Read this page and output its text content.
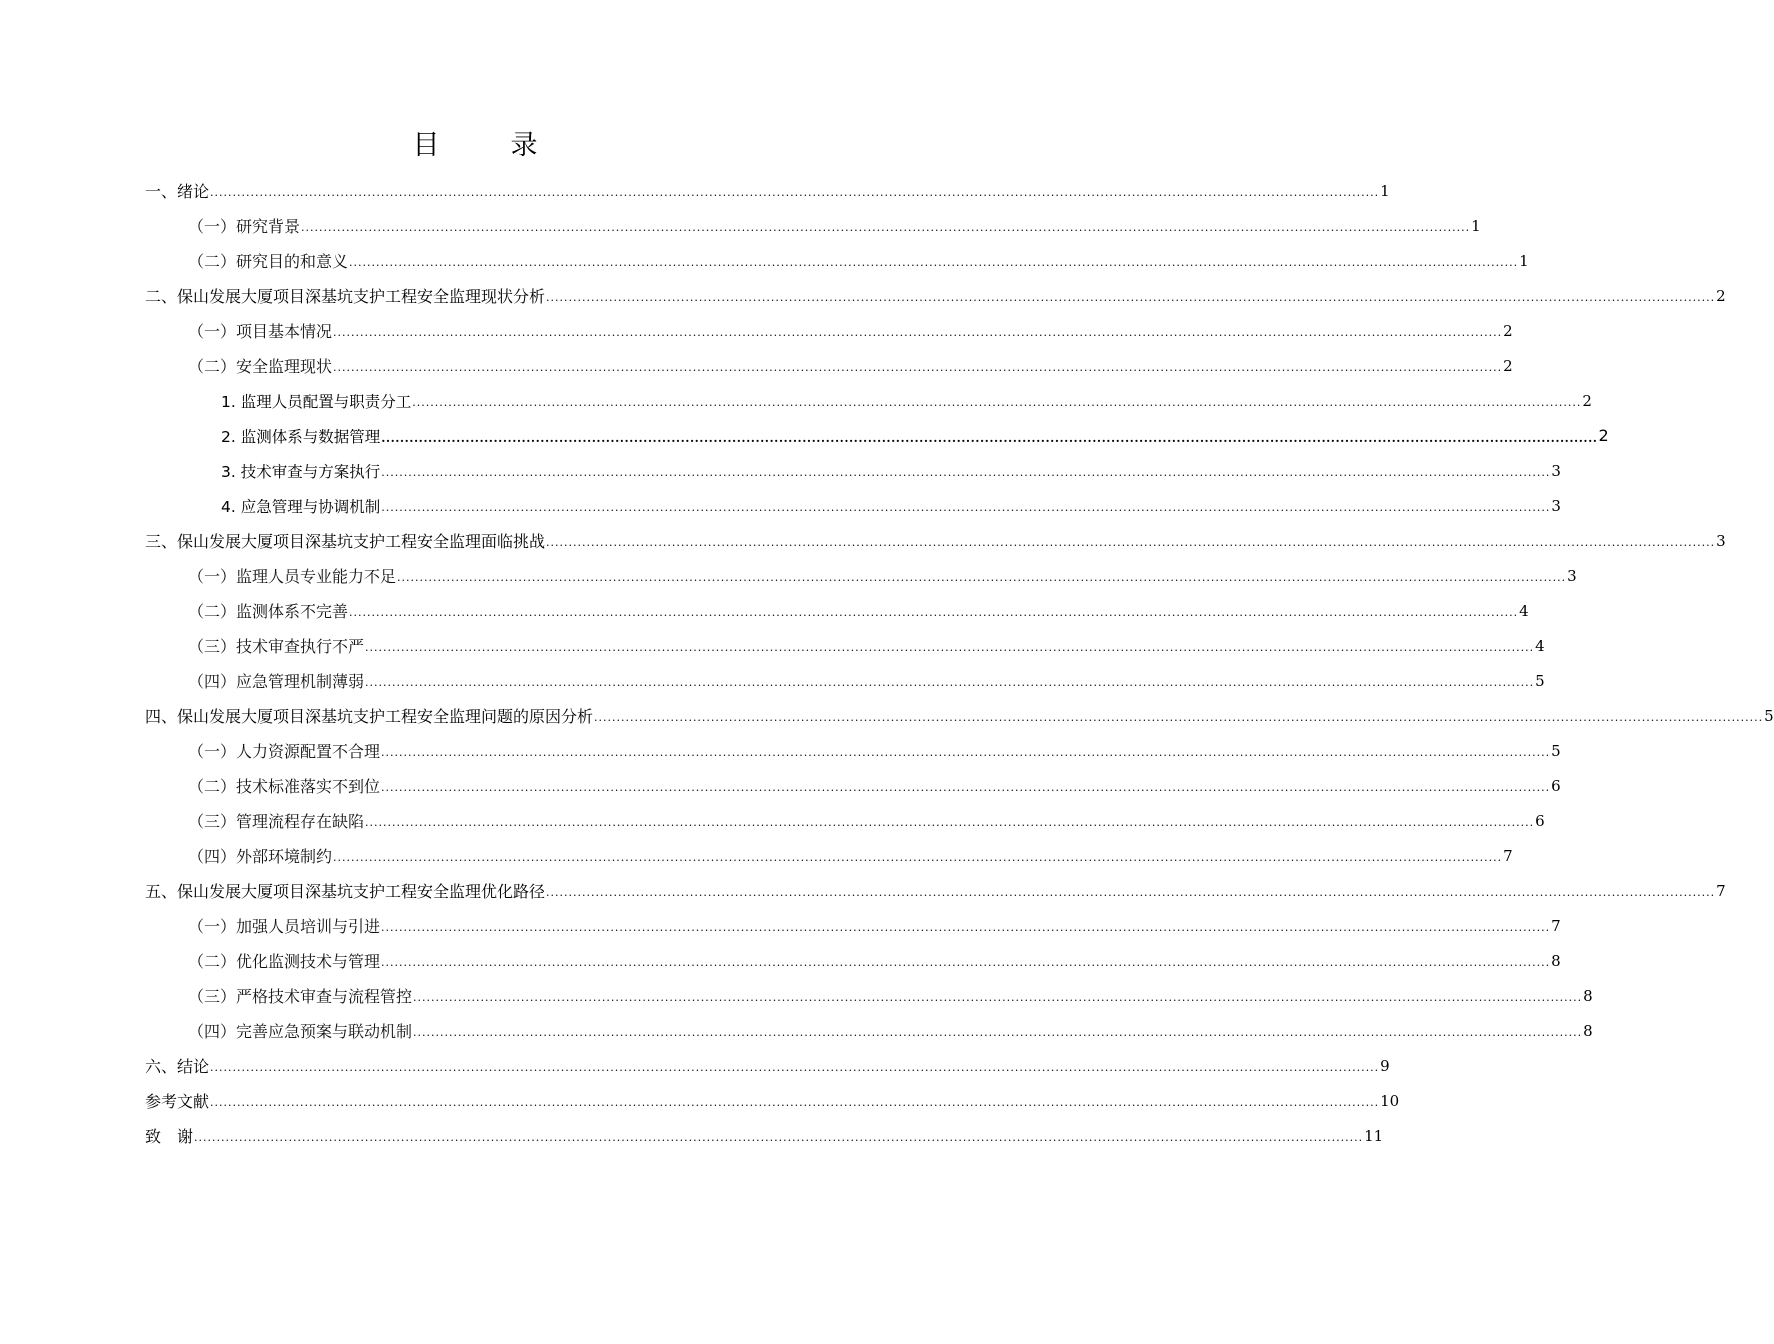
目　录
一、绪论 .................................................................................................................................................................................................................................................................... 1
（一）研究背景 .................................................................................................................................................................................................................................................................... 1
（二）研究目的和意义 .................................................................................................................................................................................................................................................................... 1
二、保山发展大厦项目深基坑支护工程安全监理现状分析 .................................................................................................................................................................................................................................................................... 2
（一）项目基本情况 .................................................................................................................................................................................................................................................................... 2
（二）安全监理现状 .................................................................................................................................................................................................................................................................... 2
1. 监理人员配置与职责分工 .................................................................................................................................................................................................................................................................... 2
2. 监测体系与数据管理 .................................................................................................................................................................................................................................................................... 2
3. 技术审查与方案执行 .................................................................................................................................................................................................................................................................... 3
4. 应急管理与协调机制 .................................................................................................................................................................................................................................................................... 3
三、保山发展大厦项目深基坑支护工程安全监理面临挑战 .................................................................................................................................................................................................................................................................... 3
（一）监理人员专业能力不足 .................................................................................................................................................................................................................................................................... 3
（二）监测体系不完善 .................................................................................................................................................................................................................................................................... 4
（三）技术审查执行不严 .................................................................................................................................................................................................................................................................... 4
（四）应急管理机制薄弱 .................................................................................................................................................................................................................................................................... 5
四、保山发展大厦项目深基坑支护工程安全监理问题的原因分析 .................................................................................................................................................................................................................................................................... 5
（一）人力资源配置不合理 .................................................................................................................................................................................................................................................................... 5
（二）技术标准落实不到位 .................................................................................................................................................................................................................................................................... 6
（三）管理流程存在缺陷 .................................................................................................................................................................................................................................................................... 6
（四）外部环境制约 .................................................................................................................................................................................................................................................................... 7
五、保山发展大厦项目深基坑支护工程安全监理优化路径 .................................................................................................................................................................................................................................................................... 7
（一）加强人员培训与引进 .................................................................................................................................................................................................................................................................... 7
（二）优化监测技术与管理 .................................................................................................................................................................................................................................................................... 8
（三）严格技术审查与流程管控 .................................................................................................................................................................................................................................................................... 8
（四）完善应急预案与联动机制 .................................................................................................................................................................................................................................................................... 8
六、结论 .................................................................................................................................................................................................................................................................... 9
参考文献 .................................................................................................................................................................................................................................................................... 10
致　谢 .................................................................................................................................................................................................................................................................... 11
